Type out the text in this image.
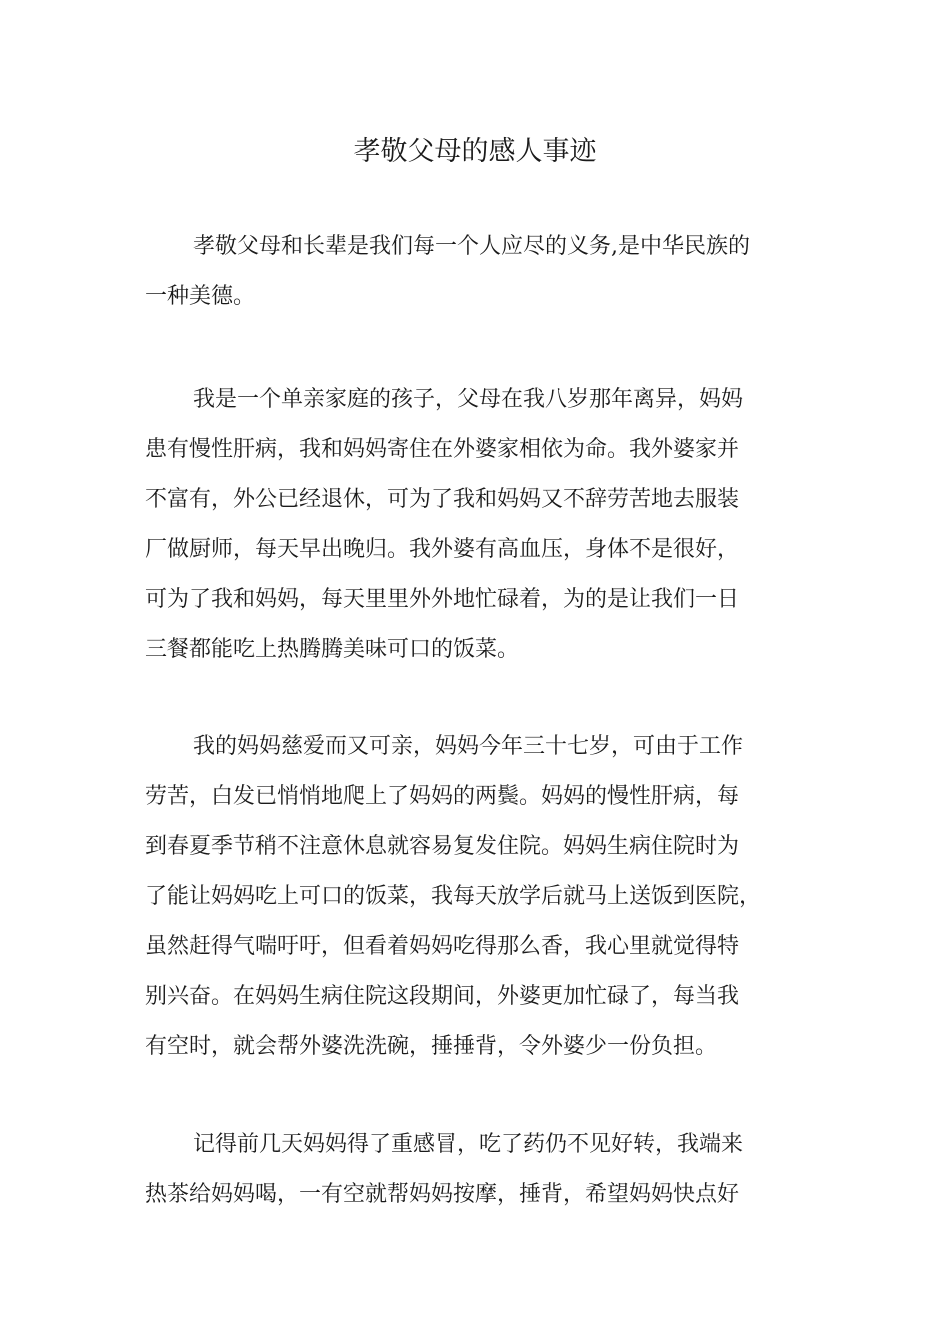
孝敬父母的感人事迹

孝敬父母和长辈是我们每一个人应尽的义务,是中华民族的
一种美德。

我是一个单亲家庭的孩子，父母在我八岁那年离异，妈妈
患有慢性肝病，我和妈妈寄住在外婆家相依为命。我外婆家并
不富有，外公已经退休，可为了我和妈妈又不辞劳苦地去服装
厂做厨师，每天早出晚归。我外婆有高血压，身体不是很好，
可为了我和妈妈，每天里里外外地忙碌着，为的是让我们一日
三餐都能吃上热腾腾美味可口的饭菜。

我的妈妈慈爱而又可亲，妈妈今年三十七岁，可由于工作
劳苦，白发已悄悄地爬上了妈妈的两鬓。妈妈的慢性肝病，每
到春夏季节稍不注意休息就容易复发住院。妈妈生病住院时为
了能让妈妈吃上可口的饭菜，我每天放学后就马上送饭到医院，
虽然赶得气喘吁吁，但看着妈妈吃得那么香，我心里就觉得特
别兴奋。在妈妈生病住院这段期间，外婆更加忙碌了，每当我
有空时，就会帮外婆洗洗碗，捶捶背，令外婆少一份负担。

记得前几天妈妈得了重感冒，吃了药仍不见好转，我端来
热茶给妈妈喝，一有空就帮妈妈按摩，捶背，希望妈妈快点好
